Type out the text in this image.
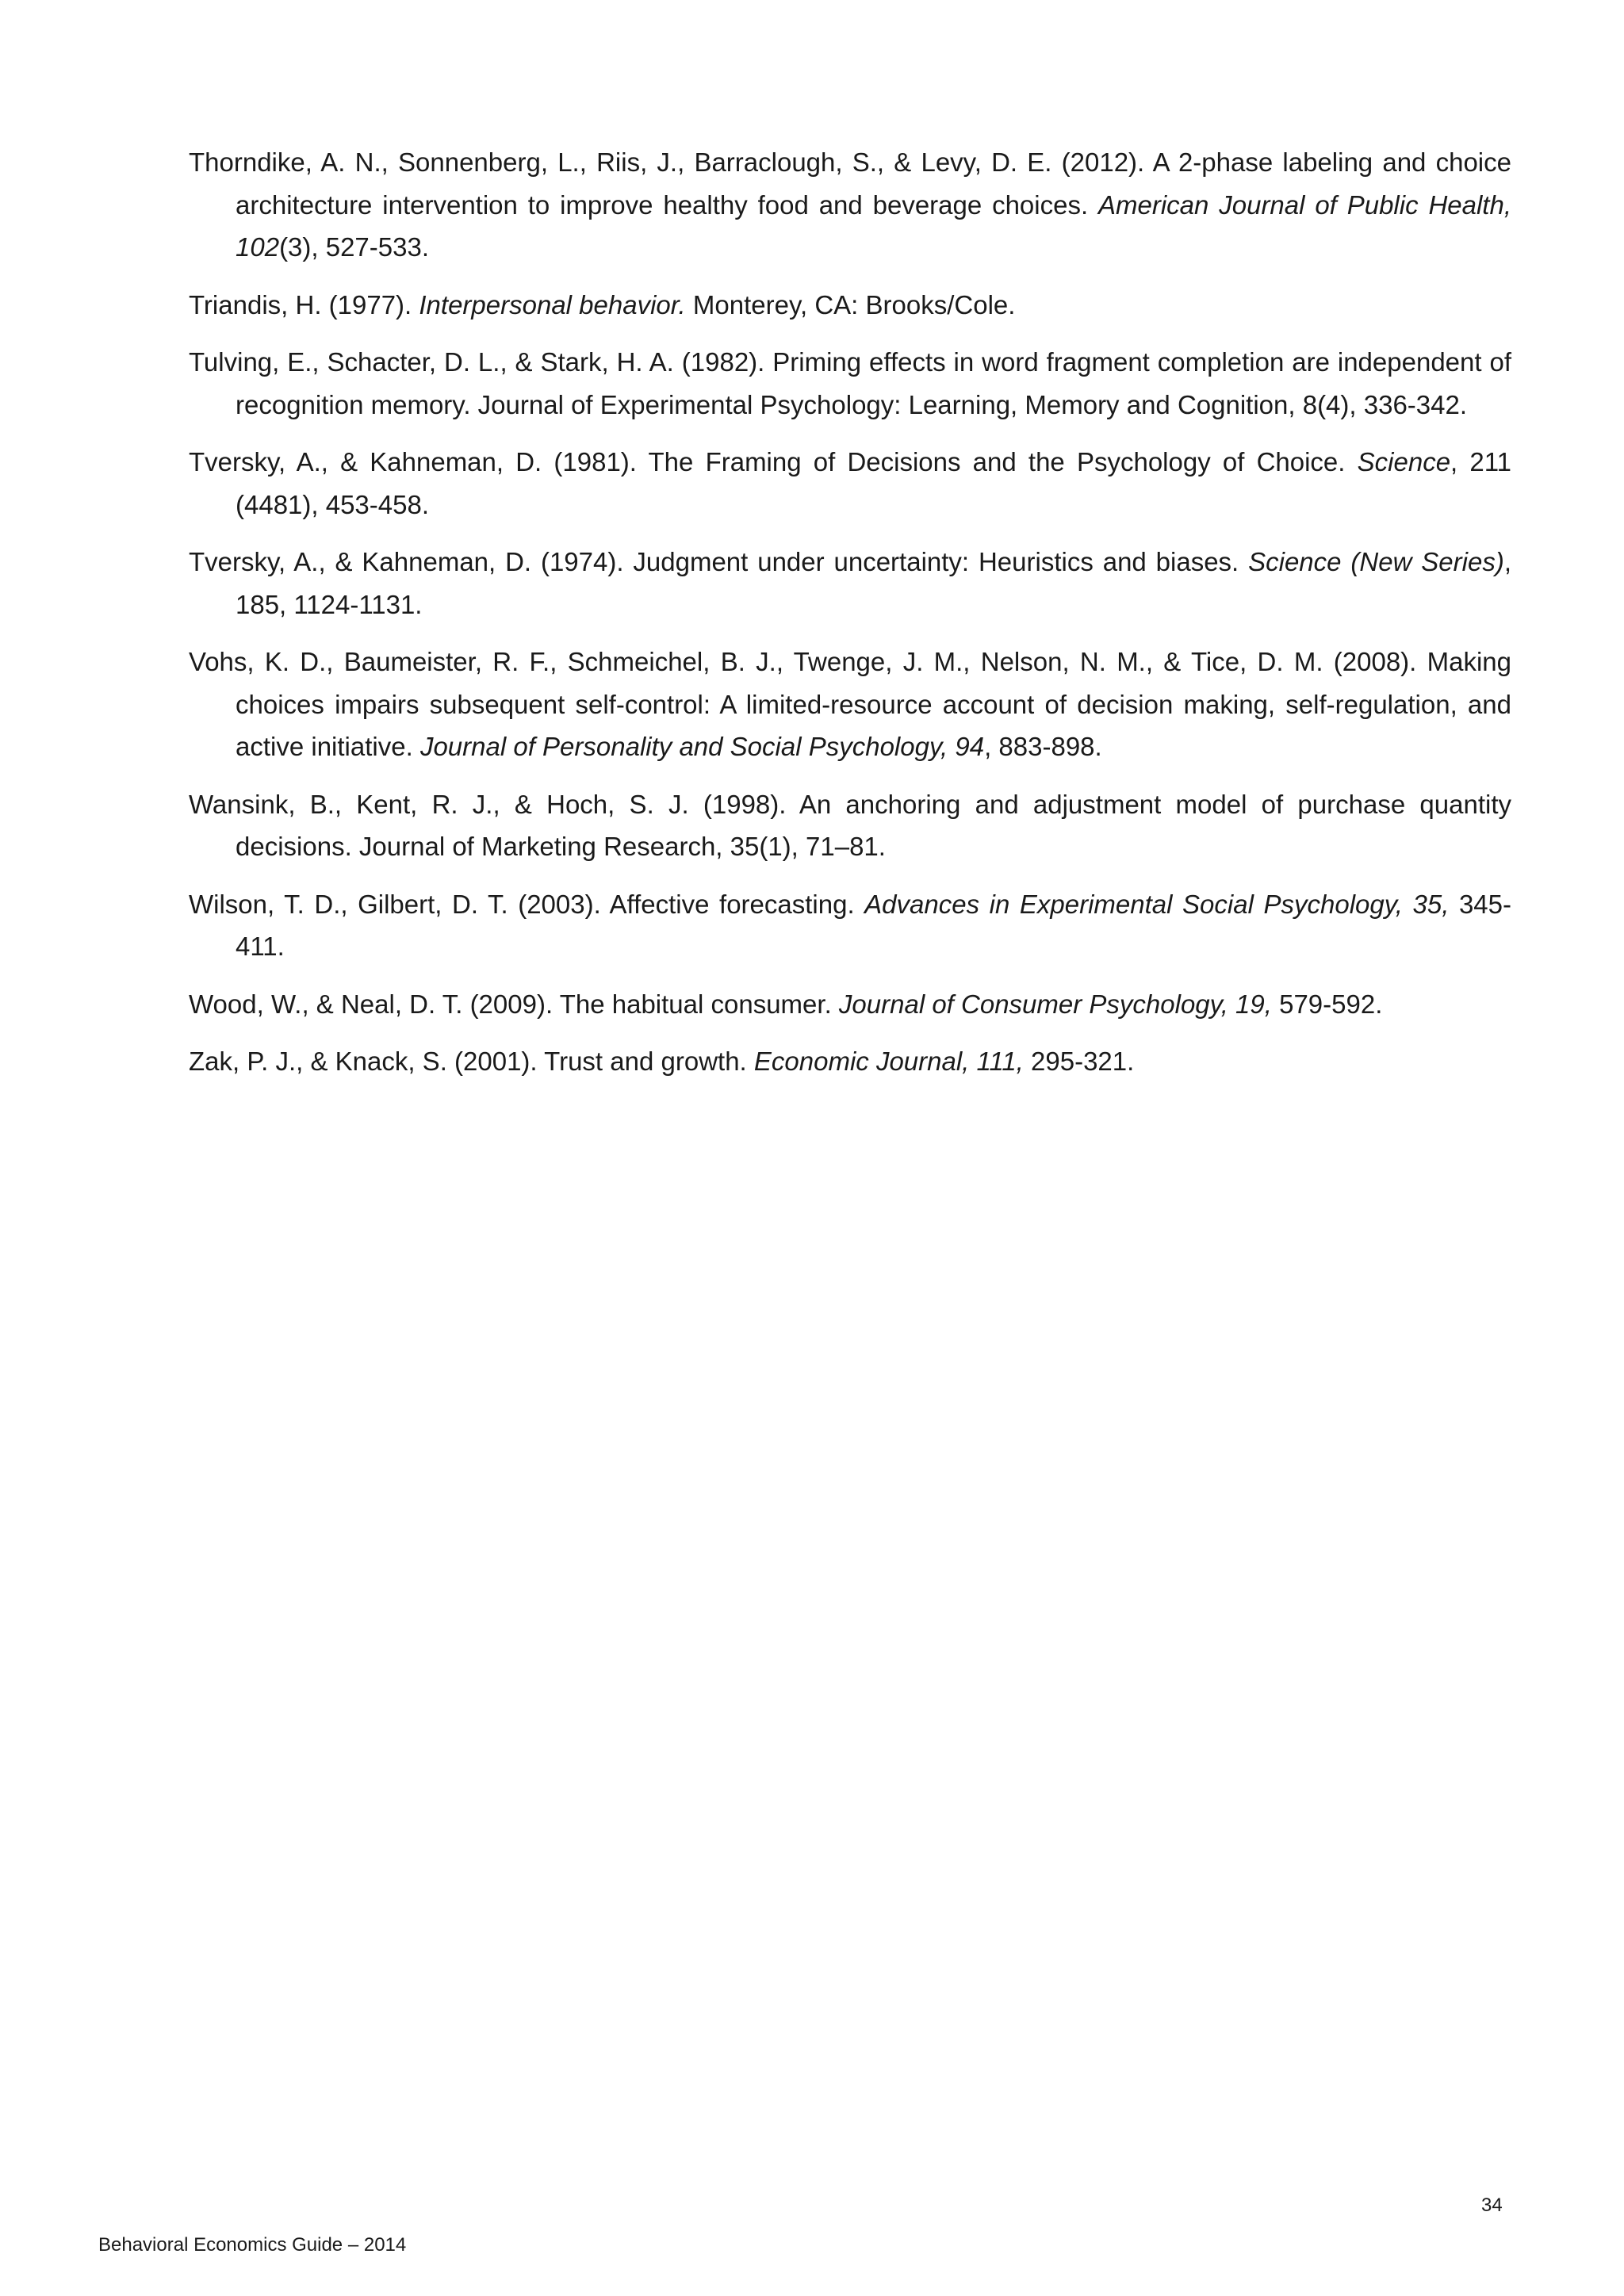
Thorndike, A. N., Sonnenberg, L., Riis, J., Barraclough, S., & Levy, D. E. (2012). A 2-phase labeling and choice architecture intervention to improve healthy food and beverage choices. American Journal of Public Health, 102(3), 527-533.

Triandis, H. (1977). Interpersonal behavior. Monterey, CA: Brooks/Cole.

Tulving, E., Schacter, D. L., & Stark, H. A. (1982). Priming effects in word fragment completion are independent of recognition memory. Journal of Experimental Psychology: Learning, Memory and Cognition, 8(4), 336-342.

Tversky, A., & Kahneman, D. (1981). The Framing of Decisions and the Psychology of Choice. Science, 211 (4481), 453-458.

Tversky, A., & Kahneman, D. (1974). Judgment under uncertainty: Heuristics and biases. Science (New Series), 185, 1124-1131.

Vohs, K. D., Baumeister, R. F., Schmeichel, B. J., Twenge, J. M., Nelson, N. M., & Tice, D. M. (2008). Making choices impairs subsequent self-control: A limited-resource account of decision making, self-regulation, and active initiative. Journal of Personality and Social Psychology, 94, 883-898.

Wansink, B., Kent, R. J., & Hoch, S. J. (1998). An anchoring and adjustment model of purchase quantity decisions. Journal of Marketing Research, 35(1), 71–81.

Wilson, T. D., Gilbert, D. T. (2003). Affective forecasting. Advances in Experimental Social Psychology, 35, 345-411.

Wood, W., & Neal, D. T. (2009). The habitual consumer. Journal of Consumer Psychology, 19, 579-592.

Zak, P. J., & Knack, S. (2001). Trust and growth. Economic Journal, 111, 295-321.

34
Behavioral Economics Guide – 2014
